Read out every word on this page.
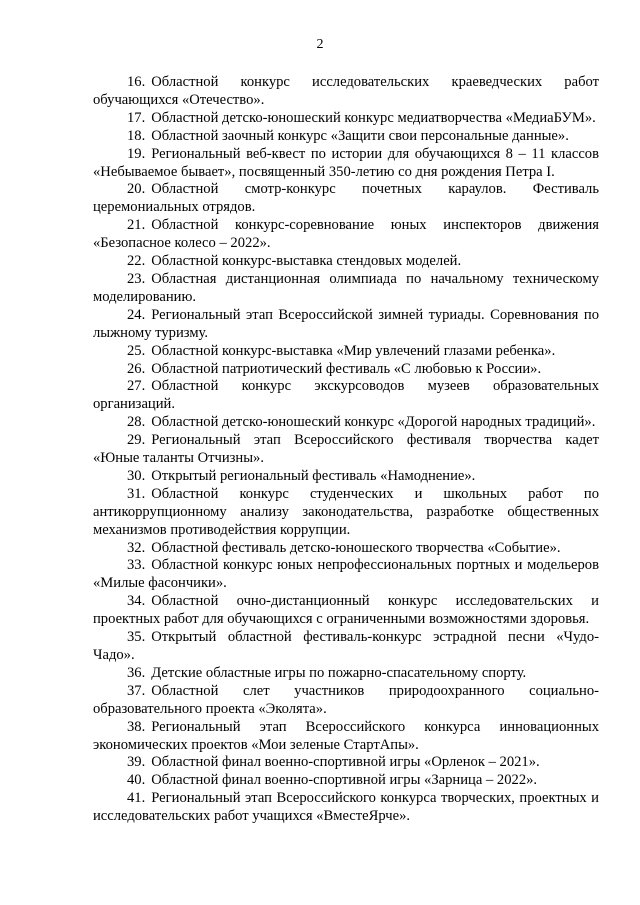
2

16. Областной конкурс исследовательских краеведческих работ обучающихся «Отечество».

17. Областной детско-юношеский конкурс медиатворчества «МедиаБУМ».

18. Областной заочный конкурс «Защити свои персональные данные».

19. Региональный веб-квест по истории для обучающихся 8 – 11 классов «Небываемое бывает», посвященный 350-летию со дня рождения Петра I.

20. Областной смотр-конкурс почетных караулов. Фестиваль церемониальных отрядов.

21. Областной конкурс-соревнование юных инспекторов движения «Безопасное колесо – 2022».

22. Областной конкурс-выставка стендовых моделей.

23. Областная дистанционная олимпиада по начальному техническому моделированию.

24. Региональный этап Всероссийской зимней туриады. Соревнования по лыжному туризму.

25. Областной конкурс-выставка «Мир увлечений глазами ребенка».

26. Областной патриотический фестиваль «С любовью к России».

27. Областной конкурс экскурсоводов музеев образовательных организаций.

28. Областной детско-юношеский конкурс «Дорогой народных традиций».

29. Региональный этап Всероссийского фестиваля творчества кадет «Юные таланты Отчизны».

30. Открытый региональный фестиваль «Намоднение».

31. Областной конкурс студенческих и школьных работ по антикоррупционному анализу законодательства, разработке общественных механизмов противодействия коррупции.

32. Областной фестиваль детско-юношеского творчества «Событие».

33. Областной конкурс юных непрофессиональных портных и модельеров «Милые фасончики».

34. Областной очно-дистанционный конкурс исследовательских и проектных работ для обучающихся с ограниченными возможностями здоровья.

35. Открытый областной фестиваль-конкурс эстрадной песни «Чудо-Чадо».

36. Детские областные игры по пожарно-спасательному спорту.

37. Областной слет участников природоохранного социально-образовательного проекта «Эколята».

38. Региональный этап Всероссийского конкурса инновационных экономических проектов «Мои зеленые СтартАпы».

39. Областной финал военно-спортивной игры «Орленок – 2021».

40. Областной финал военно-спортивной игры «Зарница – 2022».

41. Региональный этап Всероссийского конкурса творческих, проектных и исследовательских работ учащихся «ВместеЯрче».
